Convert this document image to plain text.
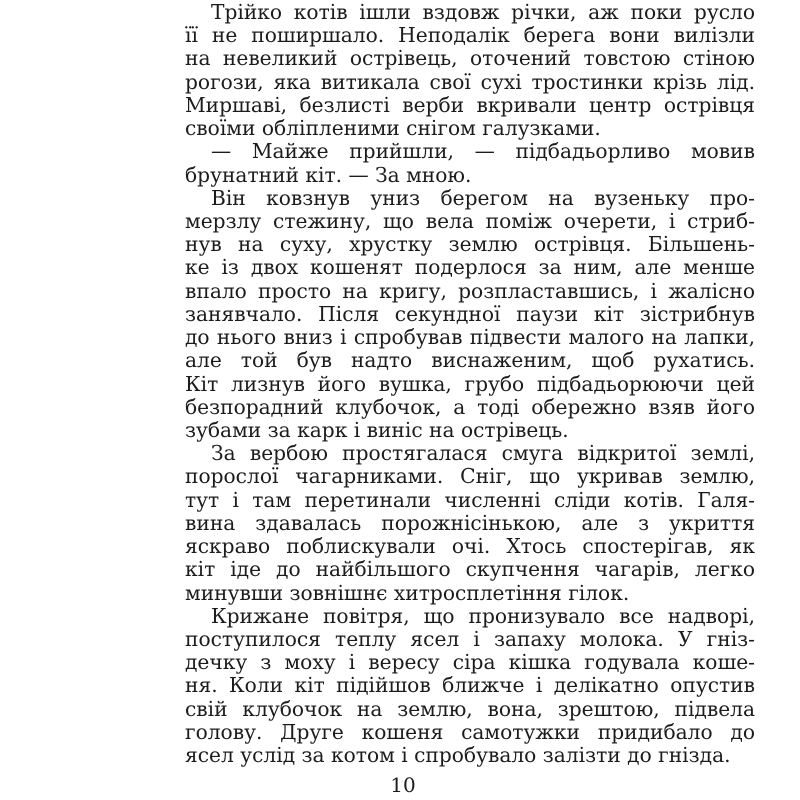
Трійко котів ішли вздовж річки, аж поки русло
її не поширшало. Неподалік берега вони вилізли
на невеликий острівець, оточений товстою стіною
рогози, яка витикала свої сухі тростинки крізь лід.
Миршаві, безлисті верби вкривали центр острівця
своїми обліпленими снігом галузками.
— Майже прийшли, — підбадьорливо мовив
брунатний кіт. — За мною.
Він ковзнув униз берегом на вузеньку про-
мерзлу стежину, що вела поміж очерети, і стриб-
нув на суху, хрустку землю острівця. Більшень-
ке із двох кошенят подерлося за ним, але менше
впало просто на кригу, розпластавшись, і жалісно
занявчало. Після секундної паузи кіт зістрибнув
до нього вниз і спробував підвести малого на лапки,
але той був надто виснаженим, щоб рухатись.
Кіт лизнув його вушка, грубо підбадьорюючи цей
безпорадний клубочок, а тоді обережно взяв його
зубами за карк і виніс на острівець.
За вербою простягалася смуга відкритої землі,
порослої чагарниками. Сніг, що укривав землю,
тут і там перетинали численні сліди котів. Галя-
вина здавалась порожнісінькою, але з укриття
яскраво поблискували очі. Хтось спостерігав, як
кіт іде до найбільшого скупчення чагарів, легко
минувши зовнішнє хитросплетіння гілок.
Крижане повітря, що пронизувало все надворі,
поступилося теплу ясел і запаху молока. У гніз-
дечку з моху і вересу сіра кішка годувала коше-
ня. Коли кіт підійшов ближче і делікатно опустив
свій клубочок на землю, вона, зрештою, підвела
голову. Друге кошеня самотужки придибало до
ясел услід за котом і спробувало залізти до гнізда.
10
